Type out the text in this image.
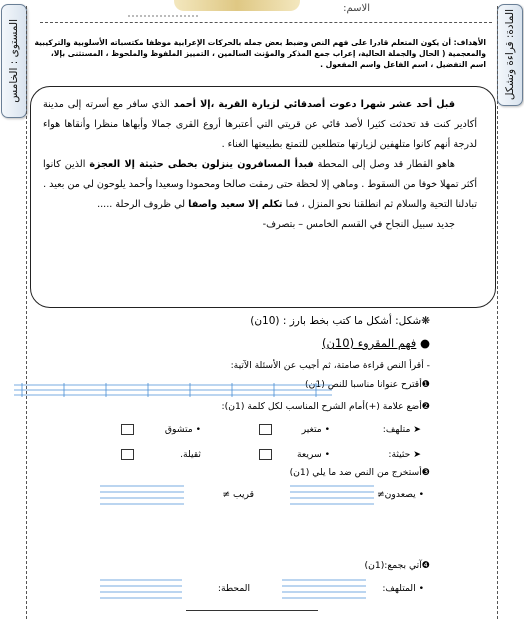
المادة: قراءة وتشكل
المستوى : الخامس
الاسم:
الأهداف: أن يكون المتعلم قادرا على فهم النص وضبط بعض جمله بالحركات الإعرابية موظفا مكتسباته الأسلوبية والتركيبية والمعجمية ( الحال والجملة الحالية، إعراب جمع المذكر والمؤنث السالمين ، التمييز الملفوظ والملحوظ ، المستثنى بإلا، اسم التفضيل ، اسم الفاعل واسم المفعول .

قبل أحد عشر شهرا دعوت أصدقائي لزيارة القرية ،إلا أحمد الذي سافر مع أسرته إلى مدينة أكادير كنت قد تحدثت كثيرا لأصد قائي عن قريتي التي أعتبرها أروع القرى جمالا وأبهاها منظرا وأنقاها هواء لدرجة أنهم كانوا متلهفين لزيارتها متطلعين للتمتع بطبيعتها الغناء .

هاهو القطار قد وصل إلى المحطة فبدأ المسافرون ينزلون بخطى حثيثة إلا العجزة الذين كانوا أكثر تمهلا خوفا من السقوط . وماهي إلا لحظة حتى رمقت صالحا ومحمودا وسعيدا وأحمد يلوحون لي من بعيد .

تبادلنا التحية والسلام ثم انطلقنا نحو المنزل ، فما تكلم إلا سعيد واصفا لي ظروف الرحلة .....

جديد سبيل النجاح في القسم الخامس – بتصرف-

❋شكل: أشكل ما كتب بخط بارز : (10ن)
● فهم المقروء (10ن)
- أقرأ النص قراءة صامتة، ثم أجيب عن الأسئلة الآتية:
❶أقترح عنوانا مناسبا للنص (1ن)
❷أضع علامة (+)أمام الشرح المناسب لكل كلمة (1ن):
➤ متلهف:
• متغير
• متشوق
➤ حثيثة:
• سريعة
ثقيلة.
❸أستخرج من النص ضد ما يلي (1ن)
• يصعدون≠
قريب ≠
❹آتي بجمع:(1ن)
• المتلهف:
المحطة:
